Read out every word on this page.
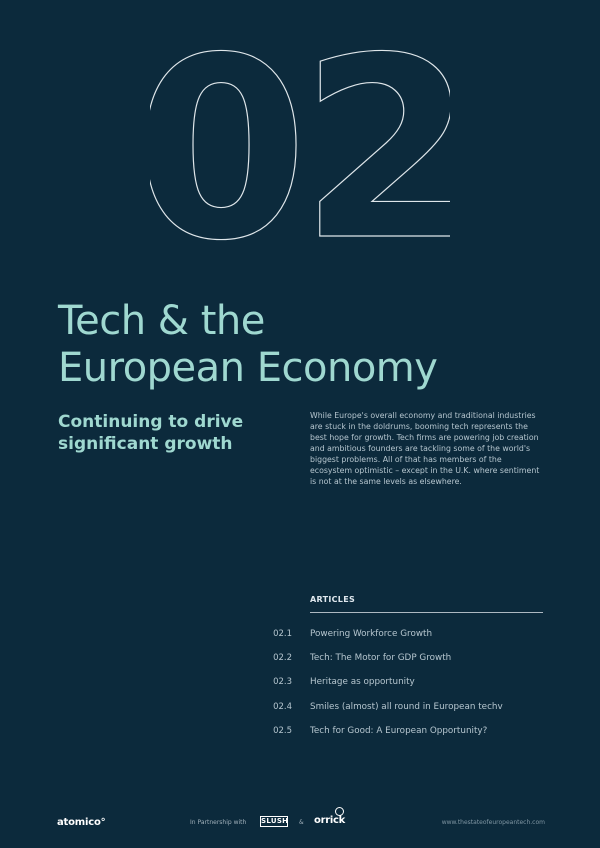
02
Tech & the
European Economy
Continuing to drive
significant growth

While Europe's overall economy and traditional industries are stuck in the doldrums, booming tech represents the best hope for growth. Tech firms are powering job creation and ambitious founders are tackling some of the world's biggest problems. All of that has members of the ecosystem optimistic – except in the U.K. where sentiment is not at the same levels as elsewhere.

ARTICLES
02.1 Powering Workforce Growth
02.2 Tech: The Motor for GDP Growth
02.3 Heritage as opportunity
02.4 Smiles (almost) all round in European techv
02.5 Tech for Good: A European Opportunity?
atomico°	In Partnership with SLUSH & orrick	www.thestateofeuropeantech.com
